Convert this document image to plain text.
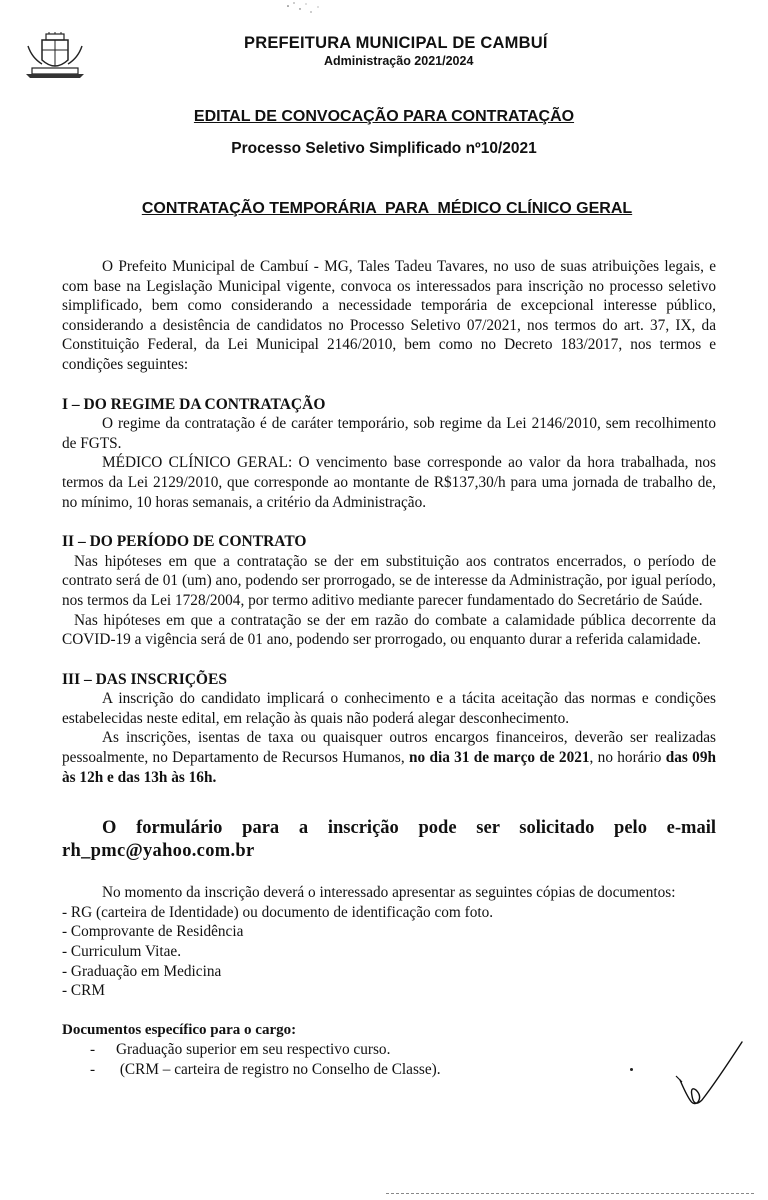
PREFEITURA MUNICIPAL DE CAMBUÍ
Administração 2021/2024
EDITAL DE CONVOCAÇÃO PARA CONTRATAÇÃO
Processo Seletivo Simplificado nº10/2021
CONTRATAÇÃO TEMPORÁRIA  PARA  MÉDICO CLÍNICO GERAL

O Prefeito Municipal de Cambuí - MG, Tales Tadeu Tavares, no uso de suas atribuições legais, e com base na Legislação Municipal vigente, convoca os interessados para inscrição no processo seletivo simplificado, bem como considerando a necessidade temporária de excepcional interesse público, considerando a desistência de candidatos no Processo Seletivo 07/2021, nos termos do art. 37, IX, da Constituição Federal, da Lei Municipal 2146/2010, bem como no Decreto 183/2017, nos termos e condições seguintes:

I – DO REGIME DA CONTRATAÇÃO

O regime da contratação é de caráter temporário, sob regime da Lei 2146/2010, sem recolhimento de FGTS.

MÉDICO CLÍNICO GERAL: O vencimento base corresponde ao valor da hora trabalhada, nos termos da Lei 2129/2010, que corresponde ao montante de R$137,30/h para uma jornada de trabalho de, no mínimo, 10 horas semanais, a critério da Administração.

II – DO PERÍODO DE CONTRATO

Nas hipóteses em que a contratação se der em substituição aos contratos encerrados, o período de contrato será de 01 (um) ano, podendo ser prorrogado, se de interesse da Administração, por igual período, nos termos da Lei 1728/2004, por termo aditivo mediante parecer fundamentado do Secretário de Saúde.

Nas hipóteses em que a contratação se der em razão do combate a calamidade pública decorrente da COVID-19 a vigência será de 01 ano, podendo ser prorrogado, ou enquanto durar a referida calamidade.

III – DAS INSCRIÇÕES

A inscrição do candidato implicará o conhecimento e a tácita aceitação das normas e condições estabelecidas neste edital, em relação às quais não poderá alegar desconhecimento.

As inscrições, isentas de taxa ou quaisquer outros encargos financeiros, deverão ser realizadas pessoalmente, no Departamento de Recursos Humanos, no dia 31 de março de 2021, no horário das 09h às 12h e das 13h às 16h.

O formulário para a inscrição pode ser solicitado pelo e-mail rh_pmc@yahoo.com.br

No momento da inscrição deverá o interessado apresentar as seguintes cópias de documentos:

- RG (carteira de Identidade) ou documento de identificação com foto.
- Comprovante de Residência
- Curriculum Vitae.
- Graduação em Medicina
- CRM

Documentos específico para o cargo:

- Graduação superior em seu respectivo curso.
- (CRM – carteira de registro no Conselho de Classe).
